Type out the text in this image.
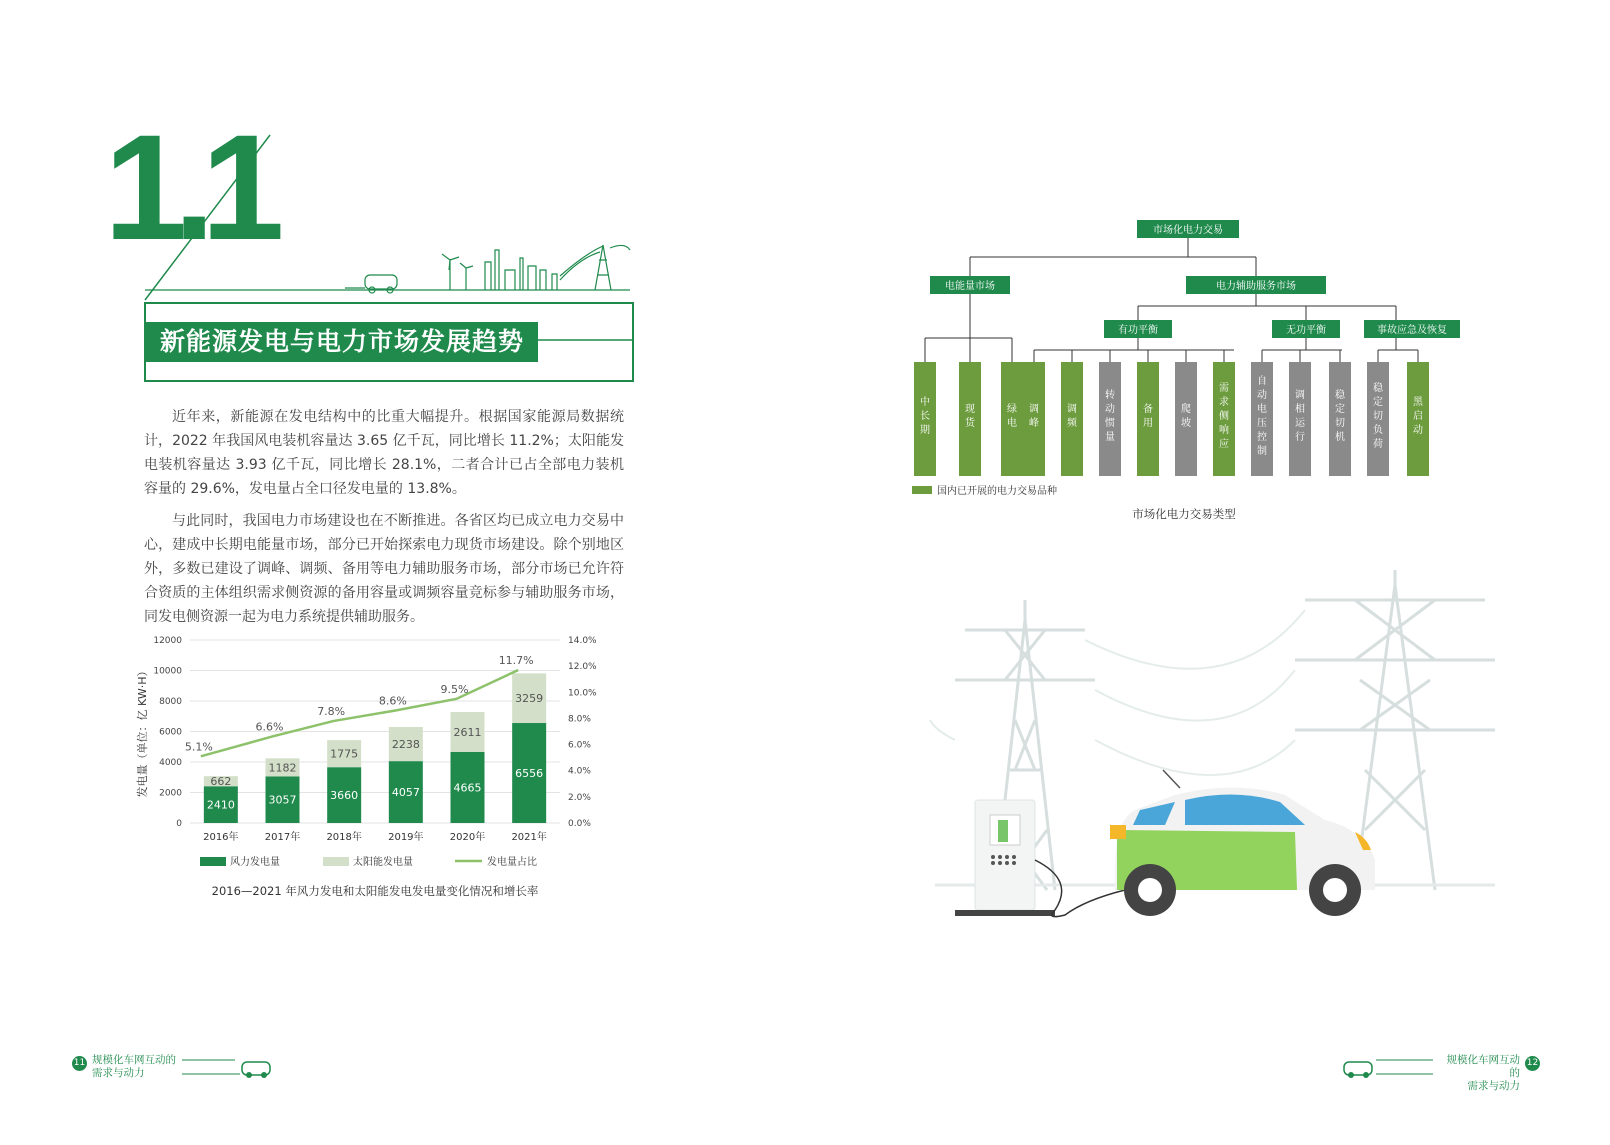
1.1
新能源发电与电力市场发展趋势

近年来，新能源在发电结构中的比重大幅提升。根据国家能源局数据统计，2022 年我国风电装机容量达 3.65 亿千瓦，同比增长 11.2%；太阳能发电装机容量达 3.93 亿千瓦，同比增长 28.1%，二者合计已占全部电力装机容量的 29.6%，发电量占全口径发电量的 13.8%。

与此同时，我国电力市场建设也在不断推进。各省区均已成立电力交易中心，建成中长期电能量市场，部分已开始探索电力现货市场建设。除个别地区外，多数已建设了调峰、调频、备用等电力辅助服务市场，部分市场已允许符合资质的主体组织需求侧资源的备用容量或调频容量竞标参与辅助服务市场，同发电侧资源一起为电力系统提供辅助服务。

0
2000
4000
6000
8000
10000
12000
0.0%
2.0%
4.0%
6.0%
8.0%
10.0%
12.0%
14.0%
发电量（单位：亿 KW·H）
2410
662
2016年
3057
1182
2017年
3660
1775
2018年
4057
2238
2019年
4665
2611
2020年
6556
3259
2021年
5.1%
6.6%
7.8%
8.6%
9.5%
11.7%
风力发电量	太阳能发电量	发电量占比
2016—2021 年风力发电和太阳能发电发电量变化情况和增长率
市场化电力交易
电能量市场	电力辅助服务市场
有功平衡	无功平衡	事故应急及恢复
中长期
现货
绿电
调峰
调频
转动惯量
备用
爬坡
需求侧响应
自动电压控制
调相运行
稳定切机
稳定切负荷
黑启动
国内已开展的电力交易品种
市场化电力交易类型
11 规模化车网互动的
需求与动力
规模化车网互动的
需求与动力
12
